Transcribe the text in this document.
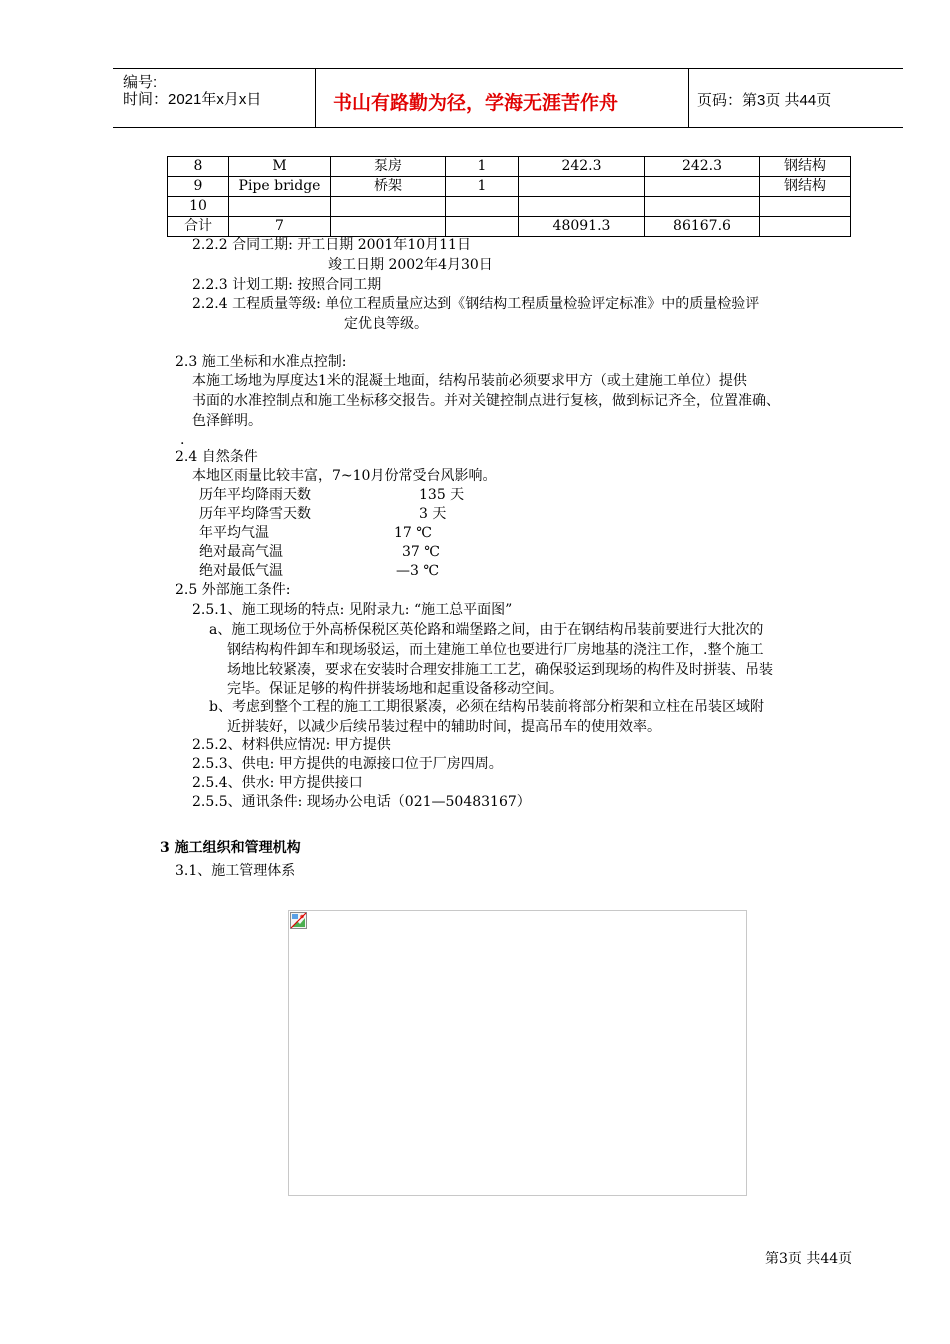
编号:
时间：2021年x月x日	书山有路勤为径，学海无涯苦作舟	页码：第3页 共44页
8	M	泵房	1	242.3	242.3	钢结构
9	Pipe bridge	桥架	1			钢结构
10						
合计	7			48091.3	86167.6	
2.2.2 合同工期: 开工日期 2001年10月11日
竣工日期 2002年4月30日
2.2.3 计划工期: 按照合同工期
2.2.4 工程质量等级: 单位工程质量应达到《钢结构工程质量检验评定标准》中的质量检验评
定优良等级。
2.3 施工坐标和水准点控制:
本施工场地为厚度达1米的混凝土地面，结构吊装前必须要求甲方（或土建施工单位）提供
书面的水准控制点和施工坐标移交报告。并对关键控制点进行复核，做到标记齐全，位置准确、
色泽鲜明。
.
2.4 自然条件
本地区雨量比较丰富，7~10月份常受台风影响。
历年平均降雨天数	135 天
历年平均降雪天数	3 天
年平均气温	17 ℃
绝对最高气温	37 ℃
绝对最低气温	—3 ℃
2.5 外部施工条件:
2.5.1、施工现场的特点: 见附录九: “施工总平面图”
a、施工现场位于外高桥保税区英伦路和端堡路之间，由于在钢结构吊装前要进行大批次的
钢结构构件卸车和现场驳运，而土建施工单位也要进行厂房地基的浇注工作，.整个施工
场地比较紧凑，要求在安装时合理安排施工工艺，确保驳运到现场的构件及时拼装、吊装
完毕。保证足够的构件拼装场地和起重设备移动空间。
b、考虑到整个工程的施工工期很紧凑，必须在结构吊装前将部分桁架和立柱在吊装区域附
近拼装好，以减少后续吊装过程中的辅助时间，提高吊车的使用效率。
2.5.2、材料供应情况: 甲方提供
2.5.3、供电: 甲方提供的电源接口位于厂房四周。
2.5.4、供水: 甲方提供接口
2.5.5、通讯条件: 现场办公电话（021—50483167）
3 施工组织和管理机构
3.1、施工管理体系
第3页 共44页
